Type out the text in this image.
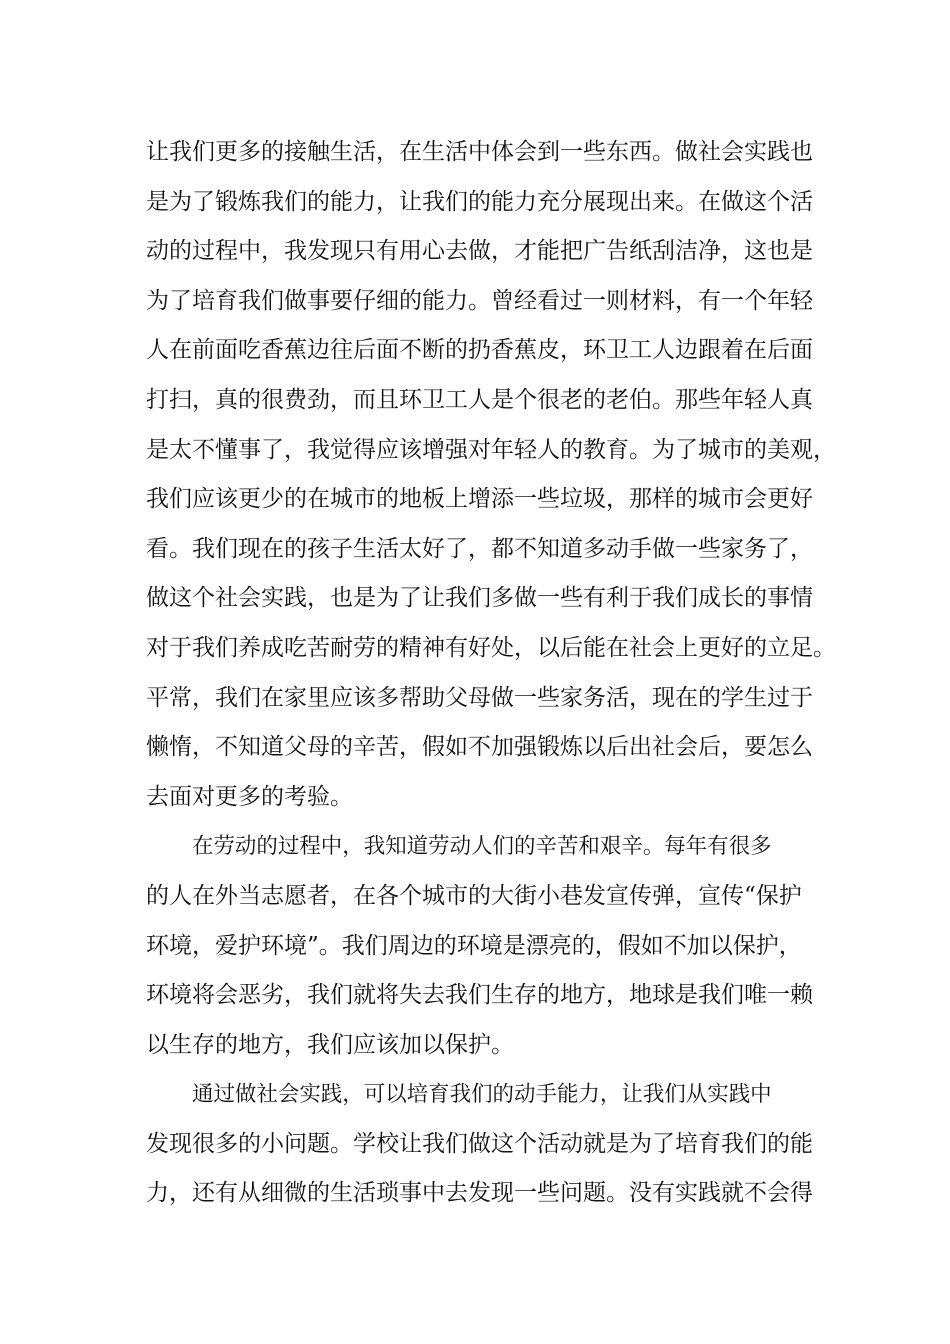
让我们更多的接触生活，在生活中体会到一些东西。做社会实践也
是为了锻炼我们的能力，让我们的能力充分展现出来。在做这个活
动的过程中，我发现只有用心去做，才能把广告纸刮洁净，这也是
为了培育我们做事要仔细的能力。曾经看过一则材料，有一个年轻
人在前面吃香蕉边往后面不断的扔香蕉皮，环卫工人边跟着在后面
打扫，真的很费劲，而且环卫工人是个很老的老伯。那些年轻人真
是太不懂事了，我觉得应该增强对年轻人的教育。为了城市的美观，
我们应该更少的在城市的地板上增添一些垃圾，那样的城市会更好
看。我们现在的孩子生活太好了，都不知道多动手做一些家务了，
做这个社会实践，也是为了让我们多做一些有利于我们成长的事情
对于我们养成吃苦耐劳的精神有好处，以后能在社会上更好的立足。
平常，我们在家里应该多帮助父母做一些家务活，现在的学生过于
懒惰，不知道父母的辛苦，假如不加强锻炼以后出社会后，要怎么
去面对更多的考验。
在劳动的过程中，我知道劳动人们的辛苦和艰辛。每年有很多
的人在外当志愿者，在各个城市的大街小巷发宣传弹，宣传“保护
环境，爱护环境”。我们周边的环境是漂亮的，假如不加以保护，
环境将会恶劣，我们就将失去我们生存的地方，地球是我们唯一赖
以生存的地方，我们应该加以保护。
通过做社会实践，可以培育我们的动手能力，让我们从实践中
发现很多的小问题。学校让我们做这个活动就是为了培育我们的能
力，还有从细微的生活琐事中去发现一些问题。没有实践就不会得
